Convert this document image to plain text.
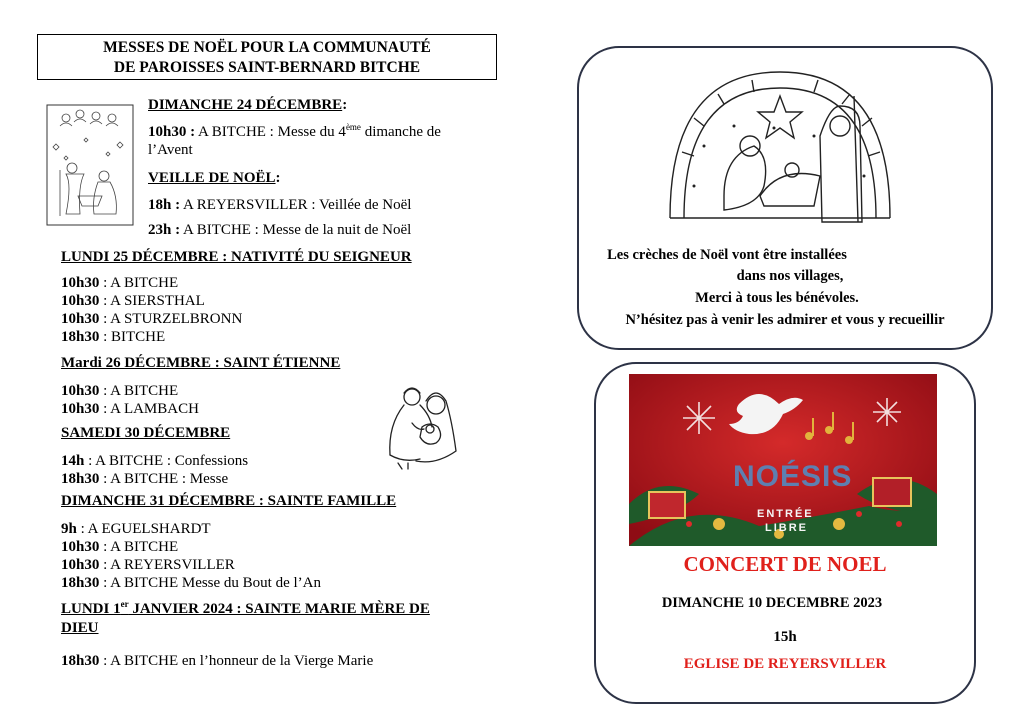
MESSES DE NOËL POUR LA COMMUNAUTÉ
DE PAROISSES SAINT-BERNARD BITCHE
DIMANCHE 24 DÉCEMBRE:
10h30 : A BITCHE : Messe du 4ème dimanche de
l’Avent
VEILLE DE NOËL:
18h : A REYERSVILLER : Veillée de Noël
23h : A BITCHE : Messe de la nuit de Noël
LUNDI 25 DÉCEMBRE : NATIVITÉ DU SEIGNEUR
10h30 : A BITCHE
10h30 : A SIERSTHAL
10h30 : A STURZELBRONN
18h30 : BITCHE
Mardi 26 DÉCEMBRE : SAINT ÉTIENNE
10h30 : A BITCHE
10h30 : A LAMBACH
SAMEDI 30 DÉCEMBRE
14h : A BITCHE : Confessions
18h30 : A BITCHE : Messe
DIMANCHE 31 DÉCEMBRE : SAINTE FAMILLE
9h : A EGUELSHARDT
10h30 : A BITCHE
10h30 : A REYERSVILLER
18h30 : A BITCHE Messe du Bout de l’An
LUNDI 1er JANVIER 2024 : SAINTE MARIE MÈRE DE
DIEU
18h30 : A BITCHE en l’honneur de la Vierge Marie
Les crèches de Noël vont être installées
dans nos villages,
Merci à tous les bénévoles.
N’hésitez pas à venir les admirer et vous y recueillir
NOÉSIS
ENTRÉE
LIBRE
CONCERT DE NOEL
DIMANCHE 10 DECEMBRE 2023
15h
EGLISE DE REYERSVILLER
